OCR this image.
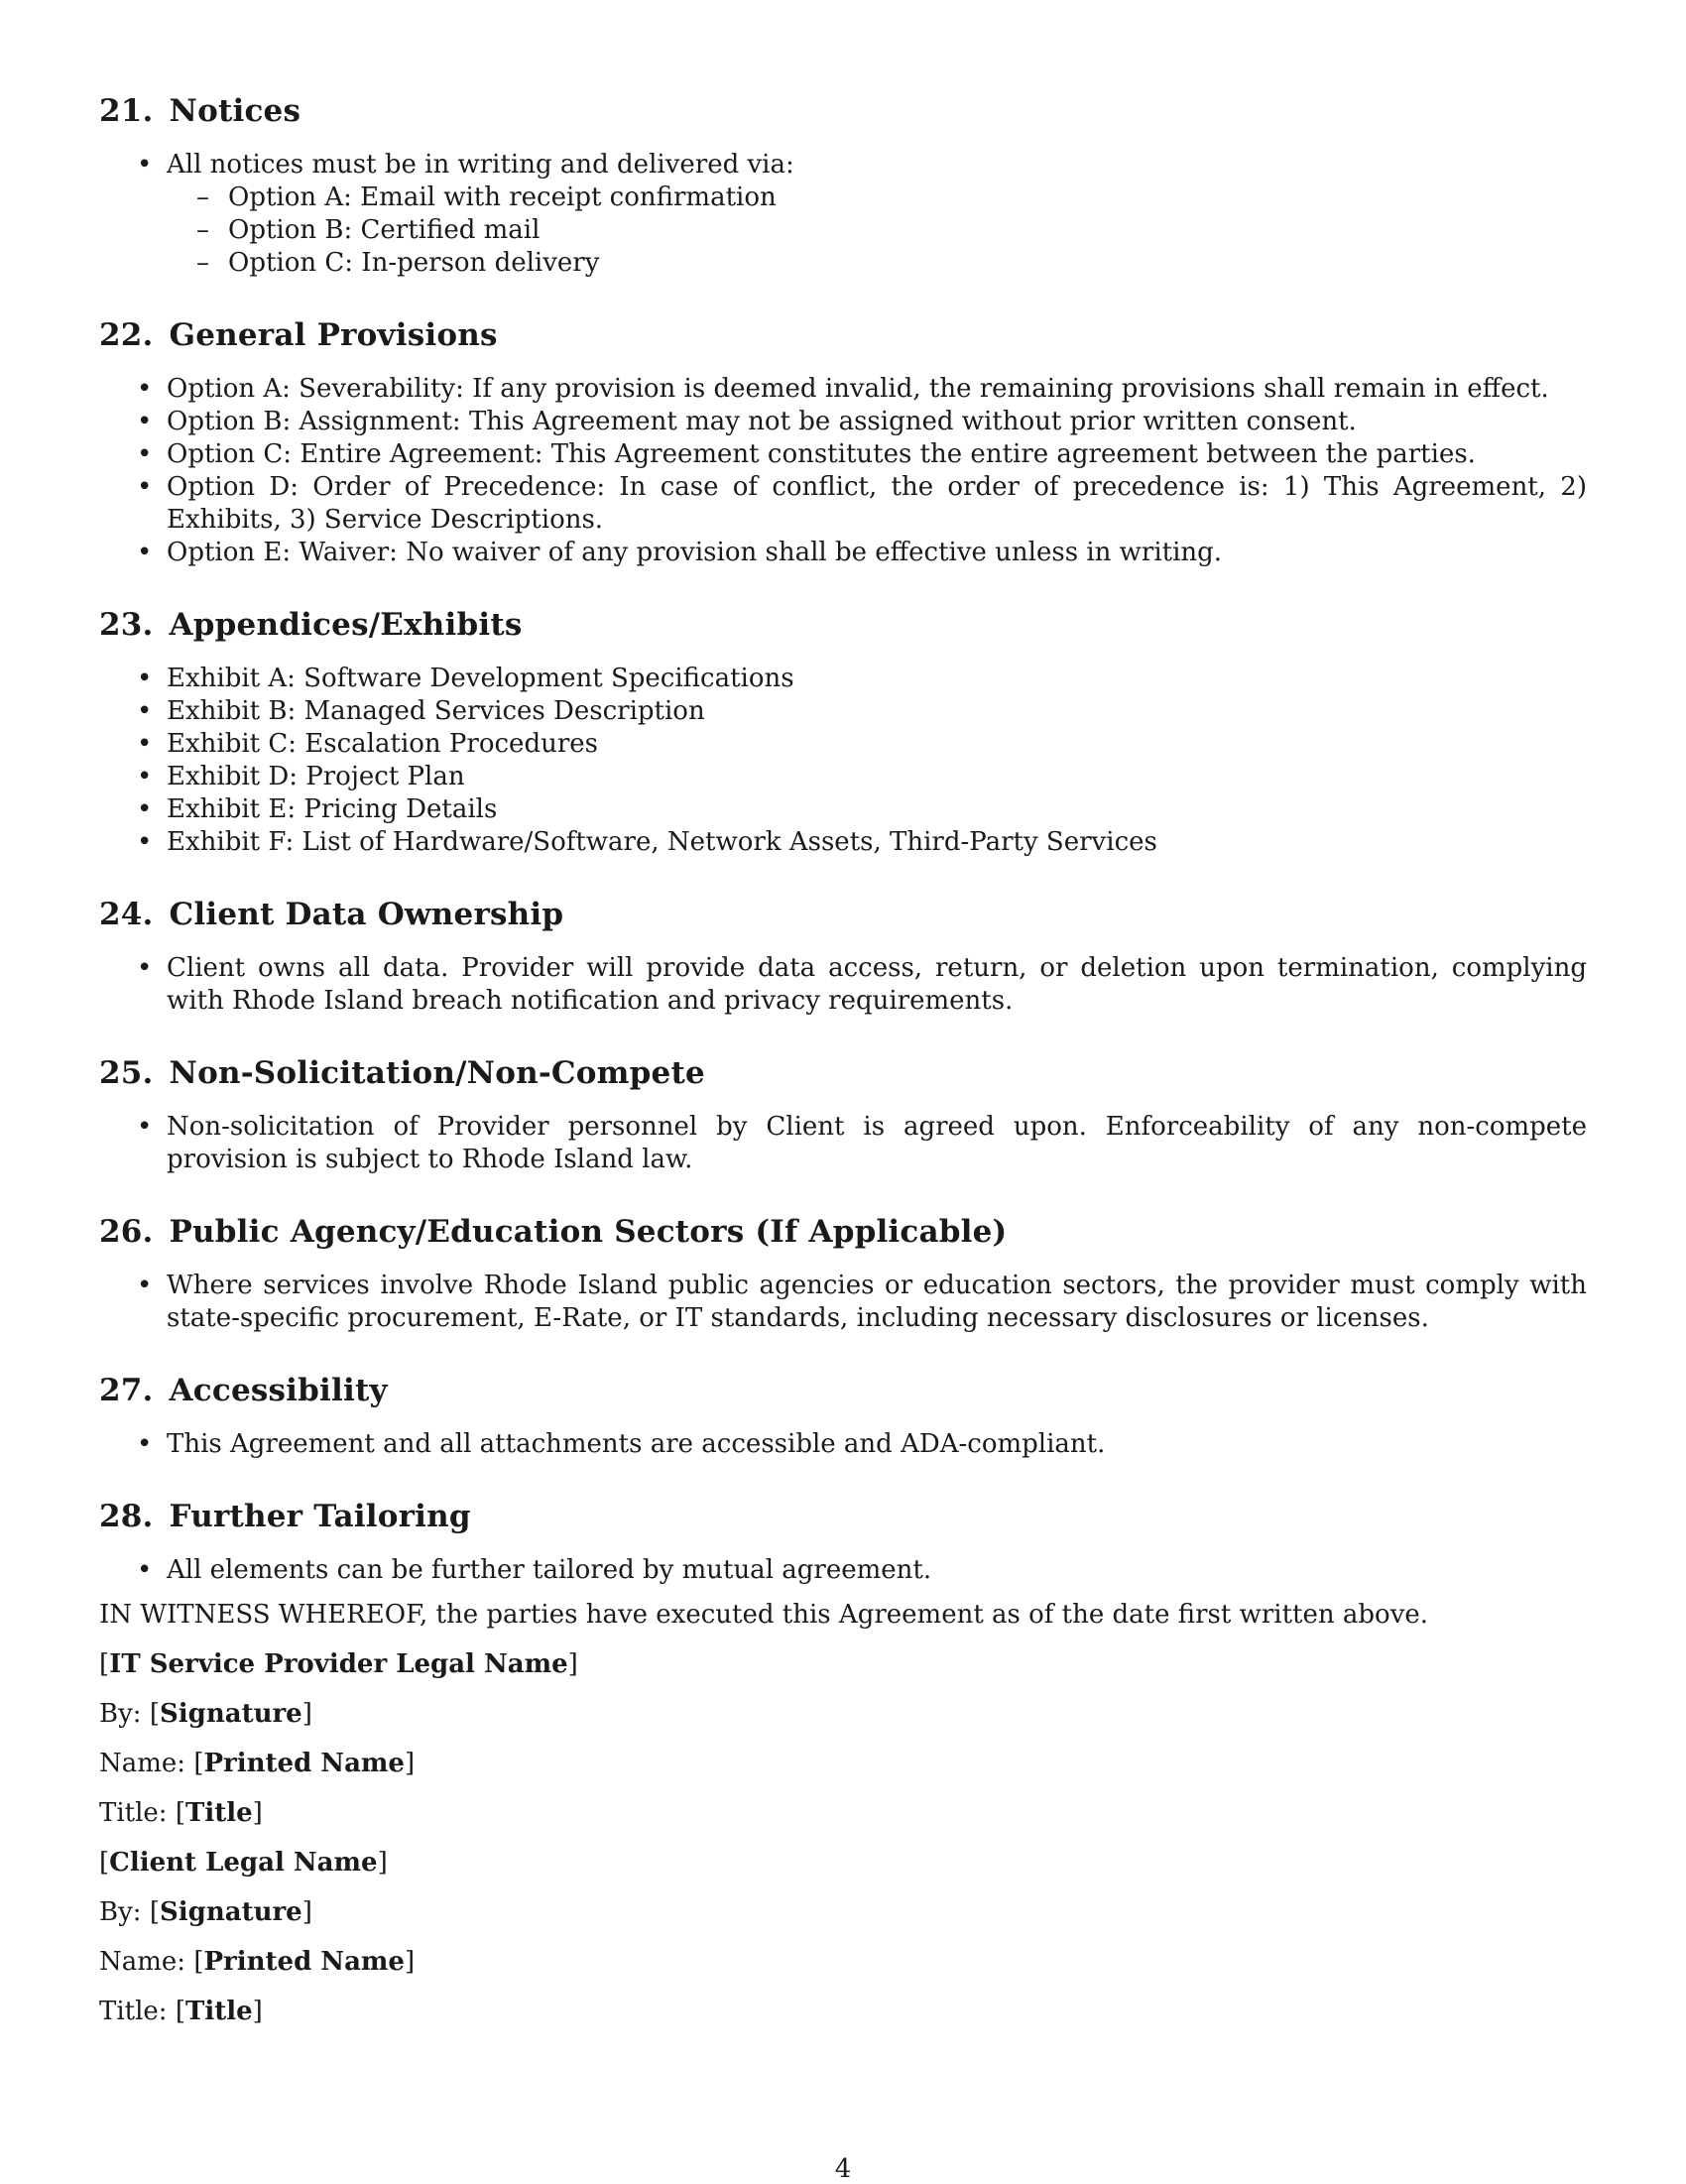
21. Notices
• All notices must be in writing and delivered via:
– Option A: Email with receipt confirmation
– Option B: Certified mail
– Option C: In-person delivery
22. General Provisions
• Option A: Severability: If any provision is deemed invalid, the remaining provisions shall remain in effect.
• Option B: Assignment: This Agreement may not be assigned without prior written consent.
• Option C: Entire Agreement: This Agreement constitutes the entire agreement between the parties.
• Option D: Order of Precedence: In case of conflict, the order of precedence is: 1) This Agreement, 2) Exhibits, 3) Service Descriptions.
• Option E: Waiver: No waiver of any provision shall be effective unless in writing.
23. Appendices/Exhibits
• Exhibit A: Software Development Specifications
• Exhibit B: Managed Services Description
• Exhibit C: Escalation Procedures
• Exhibit D: Project Plan
• Exhibit E: Pricing Details
• Exhibit F: List of Hardware/Software, Network Assets, Third-Party Services
24. Client Data Ownership
• Client owns all data. Provider will provide data access, return, or deletion upon termination, complying with Rhode Island breach notification and privacy requirements.
25. Non-Solicitation/Non-Compete
• Non-solicitation of Provider personnel by Client is agreed upon. Enforceability of any non-compete provision is subject to Rhode Island law.
26. Public Agency/Education Sectors (If Applicable)
• Where services involve Rhode Island public agencies or education sectors, the provider must comply with state-specific procurement, E-Rate, or IT standards, including necessary disclosures or licenses.
27. Accessibility
• This Agreement and all attachments are accessible and ADA-compliant.
28. Further Tailoring
• All elements can be further tailored by mutual agreement.

IN WITNESS WHEREOF, the parties have executed this Agreement as of the date first written above.

[IT Service Provider Legal Name]

By: [Signature]

Name: [Printed Name]

Title: [Title]

[Client Legal Name]

By: [Signature]

Name: [Printed Name]

Title: [Title]

4
